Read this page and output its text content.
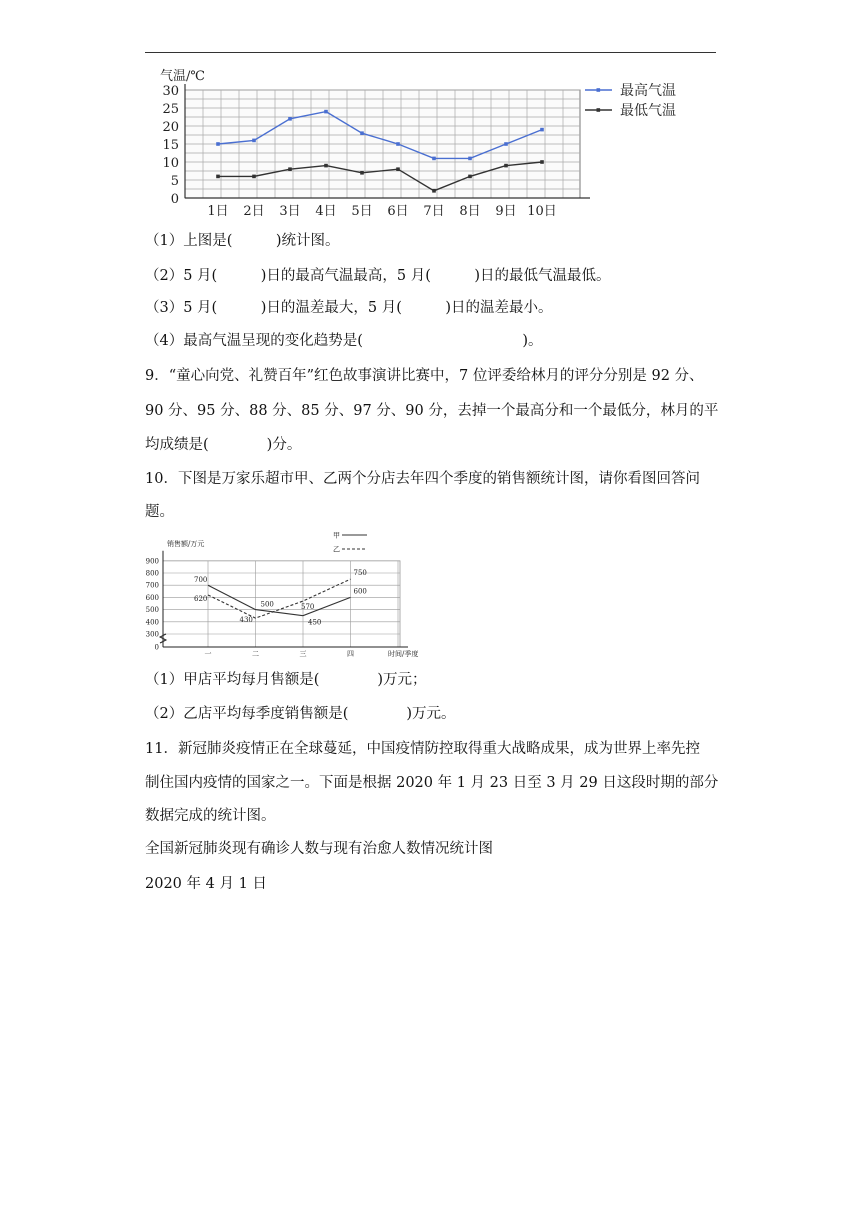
气温/℃
0
5
10
15
20
25
30
1日 2日 3日 4日 5日 6日 7日 8日 9日 10日
最高气温
最低气温
（1）上图是(　　　)统计图。
（2）5 月(　　　)日的最高气温最高，5 月(　　　)日的最低气温最低。
（3）5 月(　　　)日的温差最大，5 月(　　　)日的温差最小。
（4）最高气温呈现的变化趋势是(　　　　　　　　　　　)。
9．“童心向党、礼赞百年”红色故事演讲比赛中，7 位评委给林月的评分分别是 92 分、
90 分、95 分、88 分、85 分、97 分、90 分，去掉一个最高分和一个最低分，林月的平
均成绩是(　　　　)分。
10．下图是万家乐超市甲、乙两个分店去年四个季度的销售额统计图，请你看图回答问
题。
销售额/万元
时间/季度
0
300
400
500
600
700
800
900
一	二	三	四
700
500
450
600
620
430
570
750
甲
乙
（1）甲店平均每月售额是(　　　　)万元；
（2）乙店平均每季度销售额是(　　　　)万元。
11．新冠肺炎疫情正在全球蔓延，中国疫情防控取得重大战略成果，成为世界上率先控
制住国内疫情的国家之一。下面是根据 2020 年 1 月 23 日至 3 月 29 日这段时期的部分
数据完成的统计图。
全国新冠肺炎现有确诊人数与现有治愈人数情况统计图
2020 年 4 月 1 日
